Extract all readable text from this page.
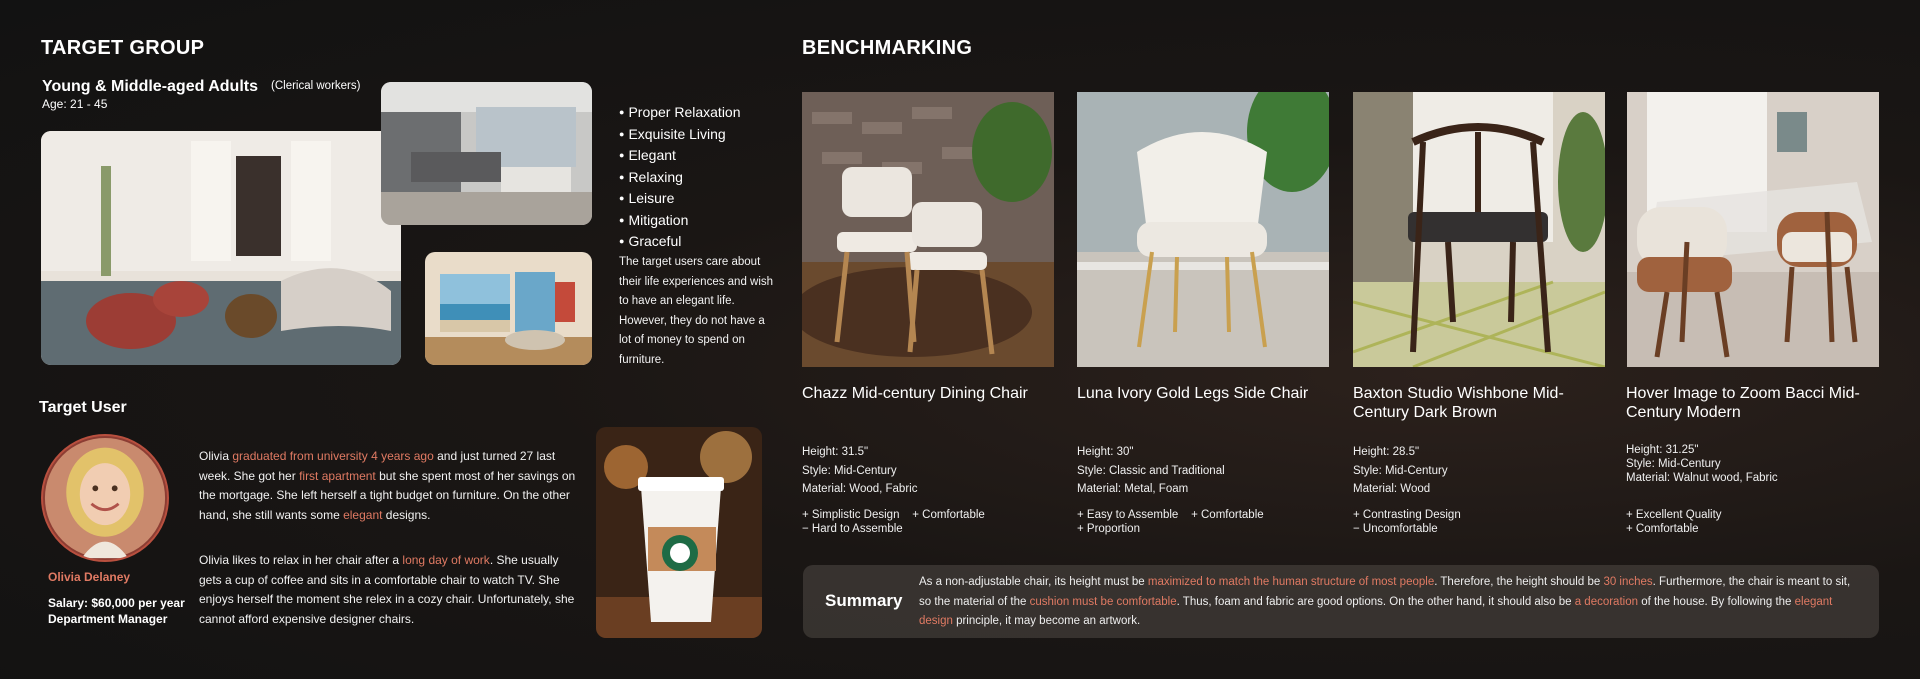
TARGET GROUP
Young & Middle-aged Adults (Clerical workers)
Age: 21 - 45
●	Proper Relaxation
● Exquisite Living
● Elegant
● Relaxing
● Leisure
● Mitigation
● Graceful
The target users care about their life experiences and wish to have an elegant life. However, they do not have a lot of money to spend on furniture.
Target User
Olivia Delaney
Salary: $60,000 per year
Department Manager

Olivia graduated from university 4 years ago and just turned 27 last week. She got her first apartment but she spent most of her savings on the mortgage. She left herself a tight budget on furniture. On the other hand, she still wants some elegant designs.

Olivia likes to relax in her chair after a long day of work. She usually gets a cup of coffee and sits in a comfortable chair to watch TV. She enjoys herself the moment she relex in a cozy chair. Unfortunately, she cannot afford expensive designer chairs.

BENCHMARKING
Chazz Mid-century Dining Chair	Luna Ivory Gold Legs Side Chair	Baxton Studio Wishbone Mid-Century Dark Brown
Hover Image to Zoom Bacci Mid-Century Modern
Height: 31.5"
Style: Mid-Century
Material: Wood, Fabric
+ Simplistic Design    + Comfortable
− Hard to Assemble
Height: 30"
Style: Classic and Traditional
Material: Metal, Foam
+ Easy to Assemble    + Comfortable
+ Proportion
Height: 28.5"
Style: Mid-Century
Material: Wood
+ Contrasting Design
− Uncomfortable
Height: 31.25"
Style: Mid-Century
Material: Walnut wood, Fabric
+ Excellent Quality
+ Comfortable
Summary

As a non-adjustable chair, its height must be maximized to match the human structure of most people. Therefore, the height should be 30 inches. Furthermore, the chair is meant to sit, so the material of the cushion must be comfortable. Thus, foam and fabric are good options. On the other hand, it should also be a decoration of the house. By following the elegant design principle, it may become an artwork.
